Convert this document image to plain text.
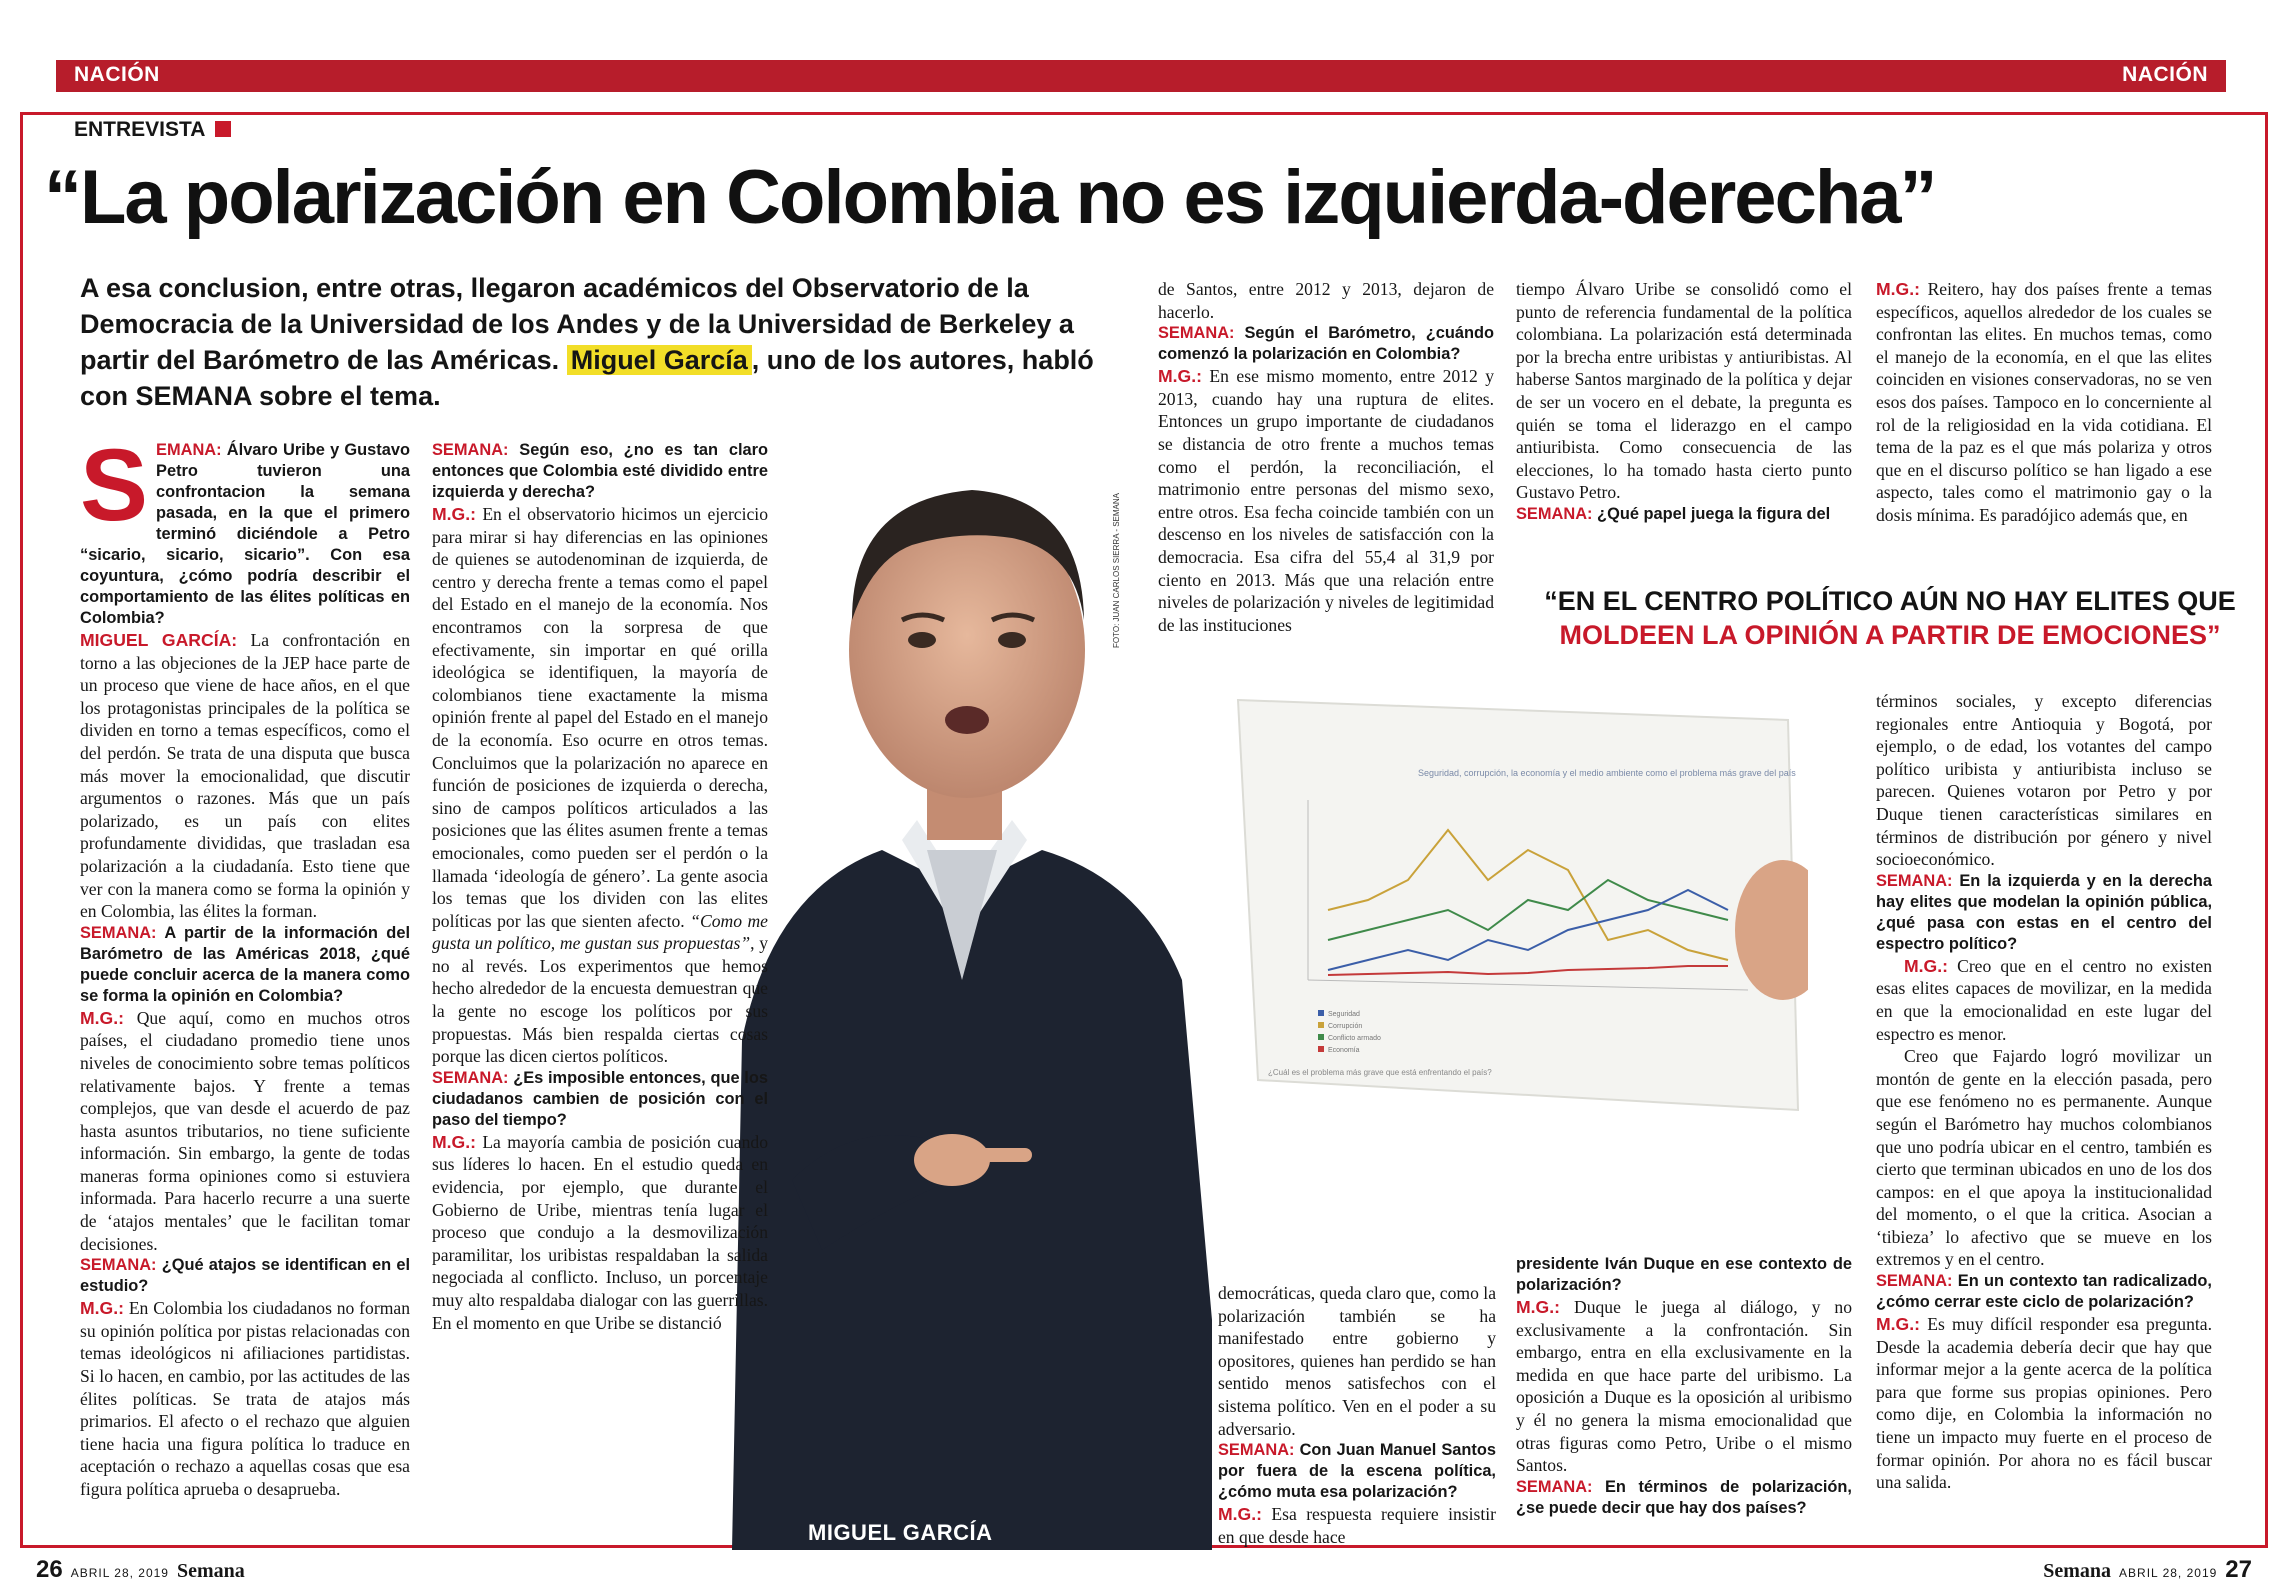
NACIÓN	NACIÓN
ENTREVISTA
“La polarización en Colombia no es izquierda-derecha”
A esa conclusion, entre otras, llegaron académicos del Observatorio de la Democracia de la Universidad de los Andes y de la Universidad de Berkeley a partir del Barómetro de las Américas. Miguel García , uno de los autores, habló con SEMANA sobre el tema.

SEMANA: Álvaro Uribe y Gustavo Petro tuvieron una confrontacion la semana pasada, en la que el primero terminó diciéndole a Petro “sicario, sicario, sicario”. Con esa coyuntura, ¿cómo podría describir el comportamiento de las élites políticas en Colombia?

MIGUEL GARCÍA: La confrontación en torno a las objeciones de la JEP hace parte de un proceso que viene de hace años, en el que los protagonistas principales de la política se dividen en torno a temas específicos, como el del perdón. Se trata de una disputa que busca más mover la emocionalidad, que discutir argumentos o razones. Más que un país polarizado, es un país con elites profundamente divididas, que trasladan esa polarización a la ciudadanía. Esto tiene que ver con la manera como se forma la opinión y en Colombia, las élites la forman.

SEMANA: A partir de la información del Barómetro de las Américas 2018, ¿qué puede concluir acerca de la manera como se forma la opinión en Colombia?

M.G.: Que aquí, como en muchos otros países, el ciudadano promedio tiene unos niveles de conocimiento sobre temas políticos relativamente bajos. Y frente a temas complejos, que van desde el acuerdo de paz hasta asuntos tributarios, no tiene suficiente información. Sin embargo, la gente de todas maneras forma opiniones como si estuviera informada. Para hacerlo recurre a una suerte de ‘atajos mentales’ que le facilitan tomar decisiones.

SEMANA: ¿Qué atajos se identifican en el estudio?

M.G.: En Colombia los ciudadanos no forman su opinión política por pistas relacionadas con temas ideológicos ni afiliaciones partidistas. Si lo hacen, en cambio, por las actitudes de las élites políticas. Se trata de atajos más primarios. El afecto o el rechazo que alguien tiene hacia una figura política lo traduce en aceptación o rechazo a aquellas cosas que esa figura política aprueba o desaprueba.

MIGUEL GARCÍA
FOTO: JUAN CARLOS SIERRA - SEMANA

SEMANA: Según eso, ¿no es tan claro entonces que Colombia esté dividido entre izquierda y derecha?

M.G.: En el observatorio hicimos un ejercicio para mirar si hay diferencias en las opiniones de quienes se autodenominan de izquierda, de centro y derecha frente a temas como el papel del Estado en el manejo de la economía. Nos encontramos con la sorpresa de que efectivamente, sin importar en qué orilla ideológica se identifiquen, la mayoría de colombianos tiene exactamente la misma opinión frente al papel del Estado en el manejo de la economía. Eso ocurre en otros temas. Concluimos que la polarización no aparece en función de posiciones de izquierda o derecha, sino de campos políticos articulados a las posiciones que las élites asumen frente a temas emocionales, como pueden ser el perdón o la llamada ‘ideología de género’. La gente asocia los temas que los dividen con las elites políticas por las que sienten afecto. “Como me gusta un político, me gustan sus propuestas”, y no al revés. Los experimentos que hemos hecho alrededor de la encuesta demuestran que la gente no escoge los políticos por sus propuestas. Más bien respalda ciertas cosas porque las dicen ciertos políticos.

SEMANA: ¿Es imposible entonces, que los ciudadanos cambien de posición con el paso del tiempo?

M.G.: La mayoría cambia de posición cuando sus líderes lo hacen. En el estudio queda en evidencia, por ejemplo, que durante el Gobierno de Uribe, mientras tenía lugar el proceso que condujo a la desmovilización paramilitar, los uribistas respaldaban la salida negociada al conflicto. Incluso, un porcentaje muy alto respaldaba dialogar con las guerrillas. En el momento en que Uribe se distanció

de Santos, entre 2012 y 2013, dejaron de hacerlo.

SEMANA: Según el Barómetro, ¿cuándo comenzó la polarización en Colombia?

M.G.: En ese mismo momento, entre 2012 y 2013, cuando hay una ruptura de elites. Entonces un grupo importante de ciudadanos se distancia de otro frente a muchos temas como el perdón, la reconciliación, el matrimonio entre personas del mismo sexo, entre otros. Esa fecha coincide también con un descenso en los niveles de satisfacción con la democracia. Esa cifra del 55,4 al 31,9 por ciento en 2013. Más que una relación entre niveles de polarización y niveles de legitimidad de las instituciones

tiempo Álvaro Uribe se consolidó como el punto de referencia fundamental de la política colombiana. La polarización está determinada por la brecha entre uribistas y antiuribistas. Al haberse Santos marginado de la política y dejar de ser un vocero en el debate, la pregunta es quién se toma el liderazgo en el campo antiuribista. Como consecuencia de las elecciones, lo ha tomado hasta cierto punto Gustavo Petro.

SEMANA: ¿Qué papel juega la figura del

M.G.: Reitero, hay dos países frente a temas específicos, aquellos alrededor de los cuales se confrontan las elites. En muchos temas, como el manejo de la economía, en el que las elites coinciden en visiones conservadoras, no se ven esos dos países. Tampoco en lo concerniente al rol de la religiosidad en la vida cotidiana. El tema de la paz es el que más polariza y otros que en el discurso político se han ligado a ese aspecto, tales como el matrimonio gay o la dosis mínima. Es paradójico además que, en

“EN EL CENTRO POLÍTICO AÚN NO HAY ELITES QUE
MOLDEEN LA OPINIÓN A PARTIR DE EMOCIONES”
Seguridad, corrupción, la economía y el medio ambiente como el problema más grave del país
Seguridad
Corrupción
Conflicto armado
Economía
¿Cuál es el problema más grave que está enfrentando el país?

términos sociales, y excepto diferencias regionales entre Antioquia y Bogotá, por ejemplo, o de edad, los votantes del campo político uribista y antiuribista incluso se parecen. Quienes votaron por Petro y por Duque tienen características similares en términos de distribución por género y nivel socioeconómico.

SEMANA: En la izquierda y en la derecha hay elites que modelan la opinión pública, ¿qué pasa con estas en el centro del espectro político?

M.G.: Creo que en el centro no existen esas elites capaces de movilizar, en la medida en que la emocionalidad en este lugar del espectro es menor.

Creo que Fajardo logró movilizar un montón de gente en la elección pasada, pero que ese fenómeno no es permanente. Aunque según el Barómetro hay muchos colombianos que uno podría ubicar en el centro, también es cierto que terminan ubicados en uno de los dos campos: en el que apoya la institucionalidad del momento, o el que la critica. Asocian a ‘tibieza’ lo afectivo que se mueve en los extremos y en el centro.

SEMANA: En un contexto tan radicalizado, ¿cómo cerrar este ciclo de polarización?

M.G.: Es muy difícil responder esa pregunta. Desde la academia debería decir que hay que informar mejor a la gente acerca de la política para que forme sus propias opiniones. Pero como dije, en Colombia la información no tiene un impacto muy fuerte en el proceso de formar opinión. Por ahora no es fácil buscar una salida.

democráticas, queda claro que, como la polarización también se ha manifestado entre gobierno y opositores, quienes han perdido se han sentido menos satisfechos con el sistema político. Ven en el poder a su adversario.

SEMANA: Con Juan Manuel Santos por fuera de la escena política, ¿cómo muta esa polarización?

M.G.: Esa respuesta requiere insistir en que desde hace

presidente Iván Duque en ese contexto de polarización?

M.G.: Duque le juega al diálogo, y no exclusivamente a la confrontación. Sin embargo, entra en ella exclusivamente en la medida en que hace parte del uribismo. La oposición a Duque es la oposición al uribismo y él no genera la misma emocionalidad que otras figuras como Petro, Uribe o el mismo Santos.

SEMANA: En términos de polarización, ¿se puede decir que hay dos países?

26 ABRIL 28, 2019 Semana	Semana ABRIL 28, 2019 27
